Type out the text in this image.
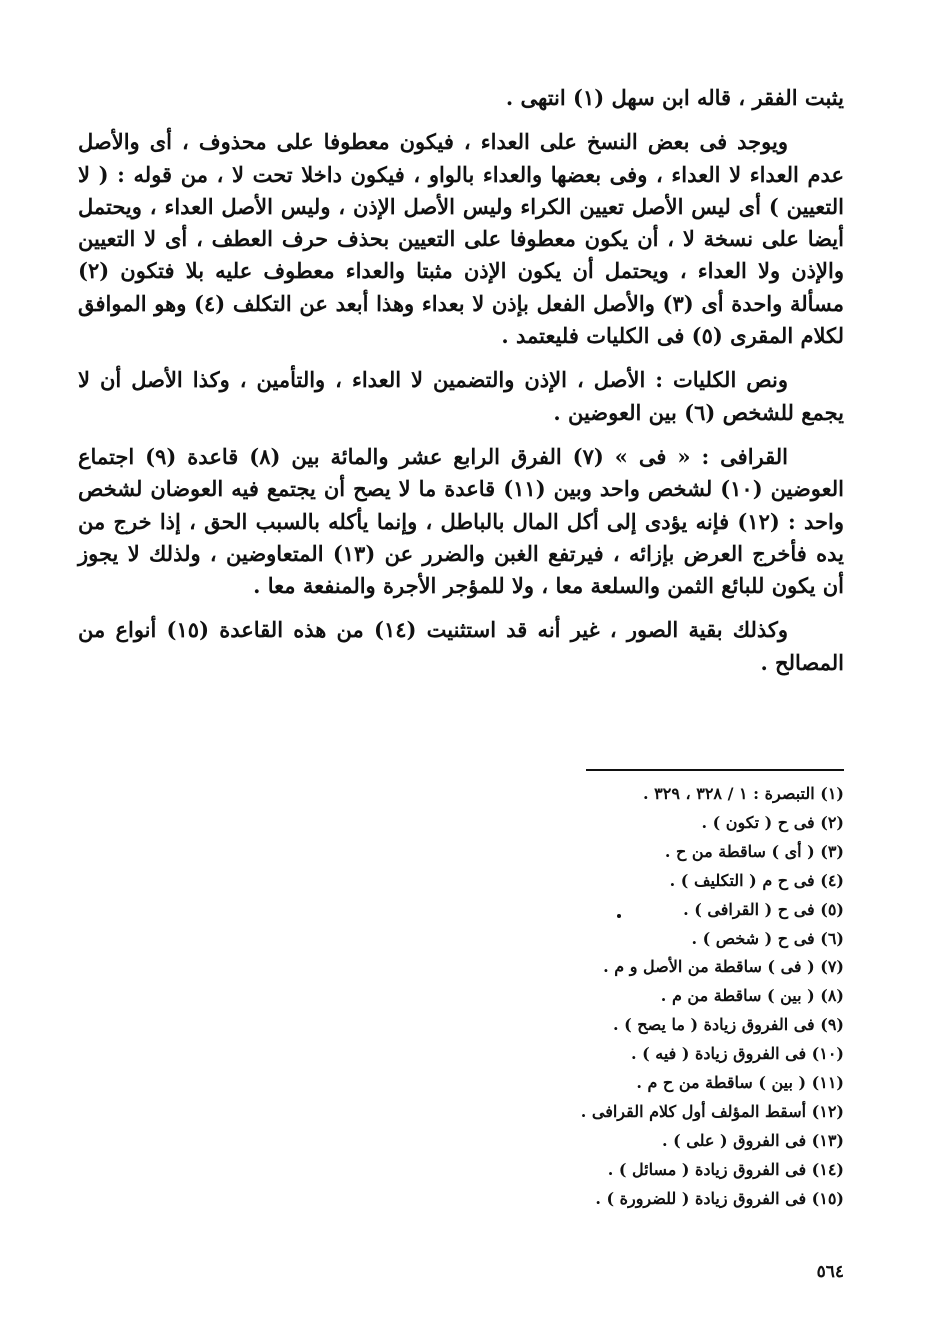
يثبت الفقر ، قاله ابن سهل (١) انتهى .

ويوجد فى بعض النسخ على العداء ، فيكون معطوفا على محذوف ، أى والأصل عدم العداء لا العداء ، وفى بعضها والعداء بالواو ، فيكون داخلا تحت لا ، من قوله : ( لا التعيين ) أى ليس الأصل تعيين الكراء وليس الأصل الإذن ، وليس الأصل العداء ، ويحتمل أيضا على نسخة لا ، أن يكون معطوفا على التعيين بحذف حرف العطف ، أى لا التعيين والإذن ولا العداء ، ويحتمل أن يكون الإذن مثبتا والعداء معطوف عليه بلا فتكون (٢) مسألة واحدة أى (٣) والأصل الفعل بإذن لا بعداء وهذا أبعد عن التكلف (٤) وهو الموافق لكلام المقرى (٥) فى الكليات فليعتمد .

ونص الكليات : الأصل ، الإذن والتضمين لا العداء ، والتأمين ، وكذا الأصل أن لا يجمع للشخص (٦) بين العوضين .

القرافى : « فى » (٧) الفرق الرابع عشر والمائة بين (٨) قاعدة (٩) اجتماع العوضين (١٠) لشخص واحد وبين (١١) قاعدة ما لا يصح أن يجتمع فيه العوضان لشخص واحد : (١٢) فإنه يؤدى إلى أكل المال بالباطل ، وإنما يأكله بالسبب الحق ، إذا خرج من يده فأخرج العرض بإزائه ، فيرتفع الغبن والضرر عن (١٣) المتعاوضين ، ولذلك لا يجوز أن يكون للبائع الثمن والسلعة معا ، ولا للمؤجر الأجرة والمنفعة معا .

وكذلك بقية الصور ، غير أنه قد استثنيت (١٤) من هذه القاعدة (١٥) أنواع من المصالح .

(١) التبصرة : ١ / ٣٢٨ ، ٣٢٩ .
(٢) فى ح ( تكون ) .
(٣) ( أى ) ساقطة من ح .
(٤) فى ح م ( التكليف ) .
(٥) فى ح ( القرافى ) .
(٦) فى ح ( شخص ) .
(٧) ( فى ) ساقطة من الأصل و م .
(٨) ( بين ) ساقطة من م .
(٩) فى الفروق زيادة ( ما يصح ) .
(١٠) فى الفروق زيادة ( فيه ) .
(١١) ( بين ) ساقطة من ح م .
(١٢) أسقط المؤلف أول كلام القرافى .
(١٣) فى الفروق ( على ) .
(١٤) فى الفروق زيادة ( مسائل ) .
(١٥) فى الفروق زيادة ( للضرورة ) .
٥٦٤
